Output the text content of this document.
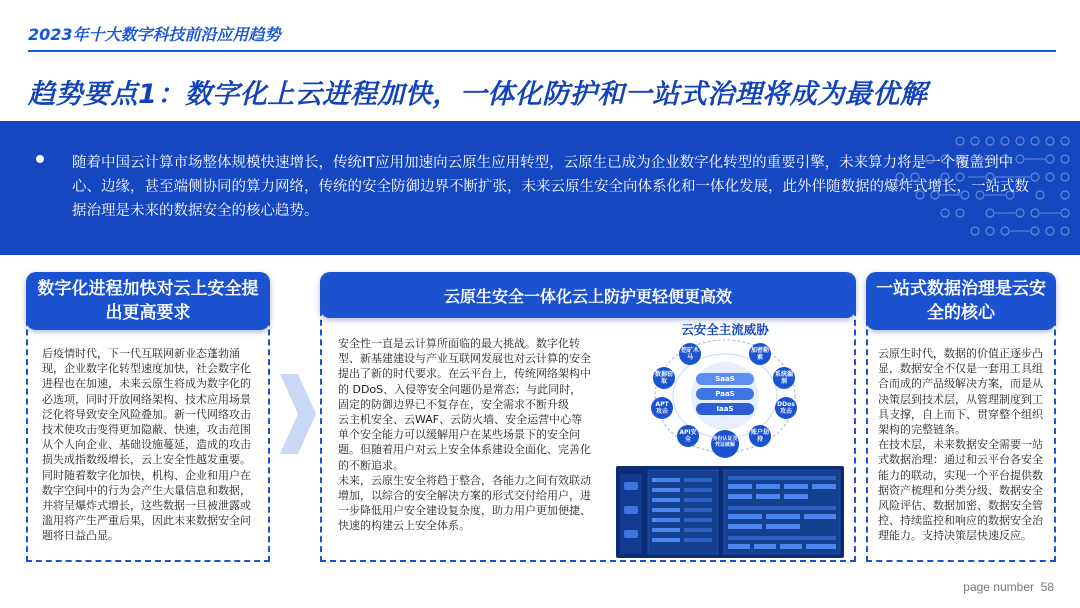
2023年十大数字科技前沿应用趋势
趋势要点1：数字化上云进程加快，一体化防护和一站式治理将成为最优解
随着中国云计算市场整体规模快速增长，传统IT应用加速向云原生应用转型，云原生已成为企业数字化转型的重要引擎，未来算力将是一个覆盖到中心、边缘，甚至端侧协同的算力网络，传统的安全防御边界不断扩张，未来云原生安全向体系化和一体化发展，此外伴随数据的爆炸式增长，一站式数据治理是未来的数据安全的核心趋势。
数字化进程加快对云上安全提出更高要求
后疫情时代，下一代互联网新业态蓬勃涌现，企业数字化转型速度加快，社会数字化进程也在加速，未来云原生将成为数字化的必选项，同时开放网络架构、技术应用场景泛化将导致安全风险叠加。新一代网络攻击技术使攻击变得更加隐蔽、快速，攻击范围从个人向企业、基础设施蔓延，造成的攻击损失成指数级增长，云上安全性越发重要。
同时随着数字化加快，机构、企业和用户在数字空间中的行为会产生大量信息和数据，并将呈爆炸式增长，这些数据一旦被泄露或滥用将产生严重后果，因此未来数据安全问题将日益凸显。
云原生安全一体化云上防护更轻便更高效
安全性一直是云计算所面临的最大挑战。数字化转型、新基建建设与产业互联网发展也对云计算的安全提出了新的时代要求。在云平台上，传统网络架构中的 DDoS、入侵等安全问题仍是常态；与此同时，固定的防御边界已不复存在，安全需求不断升级
云主机安全、云WAF、云防火墙、安全运营中心等单个安全能力可以缓解用户在某些场景下的安全问题。但随着用户对云上安全体系建设全面化、完善化的不断追求。
未来，云原生安全将趋于整合，各能力之间有效联动增加，以综合的安全解决方案的形式交付给用户，进一步降低用户安全建设复杂度，助力用户更加便捷、快速的构建云上安全体系。
云安全主流威胁
SaaS
PaaS
IaaS
挖矿木马
加密勒索
数据窃取
系统漏洞
APT攻击
DDos攻击
API安全
账户劫持
身份认证及凭证破解
一站式数据治理是云安全的核心
云原生时代，数据的价值正逐步凸显，数据安全不仅是一套用工具组合而成的产品级解决方案，而是从决策层到技术层，从管理制度到工具支撑，自上而下、贯穿整个组织架构的完整链条。
在技术层，未来数据安全需要一站式数据治理：通过和云平台各安全能力的联动，实现一个平台提供数据资产梳理和分类分级、数据安全风险评估、数据加密、数据安全管控、持续监控和响应的数据安全治理能力。支持决策层快速反应。
page number  58
